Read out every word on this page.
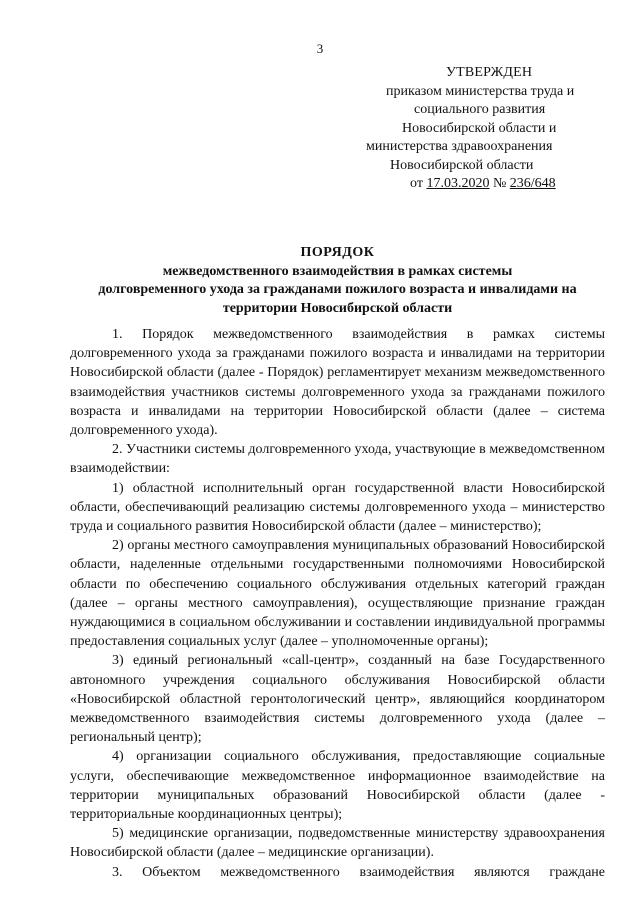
3
УТВЕРЖДЕН
приказом министерства труда и
социального развития
Новосибирской области и
министерства здравоохранения
Новосибирской области
от 17.03.2020 № 236/648
ПОРЯДОК
межведомственного взаимодействия в рамках системы
долговременного ухода за гражданами пожилого возраста и инвалидами на
территории Новосибирской области

1. Порядок межведомственного взаимодействия в рамках системы долговременного ухода за гражданами пожилого возраста и инвалидами на территории Новосибирской области (далее - Порядок) регламентирует механизм межведомственного взаимодействия участников системы долговременного ухода за гражданами пожилого возраста и инвалидами на территории Новосибирской области (далее – система долговременного ухода).

2. Участники системы долговременного ухода, участвующие в межведомственном взаимодействии:

1) областной исполнительный орган государственной власти Новосибирской области, обеспечивающий реализацию системы долговременного ухода – министерство труда и социального развития Новосибирской области (далее – министерство);

2) органы местного самоуправления муниципальных образований Новосибирской области, наделенные отдельными государственными полномочиями Новосибирской области по обеспечению социального обслуживания отдельных категорий граждан (далее – органы местного самоуправления), осуществляющие признание граждан нуждающимися в социальном обслуживании и составлении индивидуальной программы предоставления социальных услуг (далее – уполномоченные органы);

3) единый региональный «call-центр», созданный на базе Государственного автономного учреждения социального обслуживания Новосибирской области «Новосибирской областной геронтологический центр», являющийся координатором межведомственного взаимодействия системы долговременного ухода (далее – региональный центр);

4) организации социального обслуживания, предоставляющие социальные услуги, обеспечивающие межведомственное информационное взаимодействие на территории муниципальных образований Новосибирской области (далее - территориальные координационных центры);

5) медицинские организации, подведомственные министерству здравоохранения Новосибирской области (далее – медицинские организации).

3. Объектом межведомственного взаимодействия являются граждане
